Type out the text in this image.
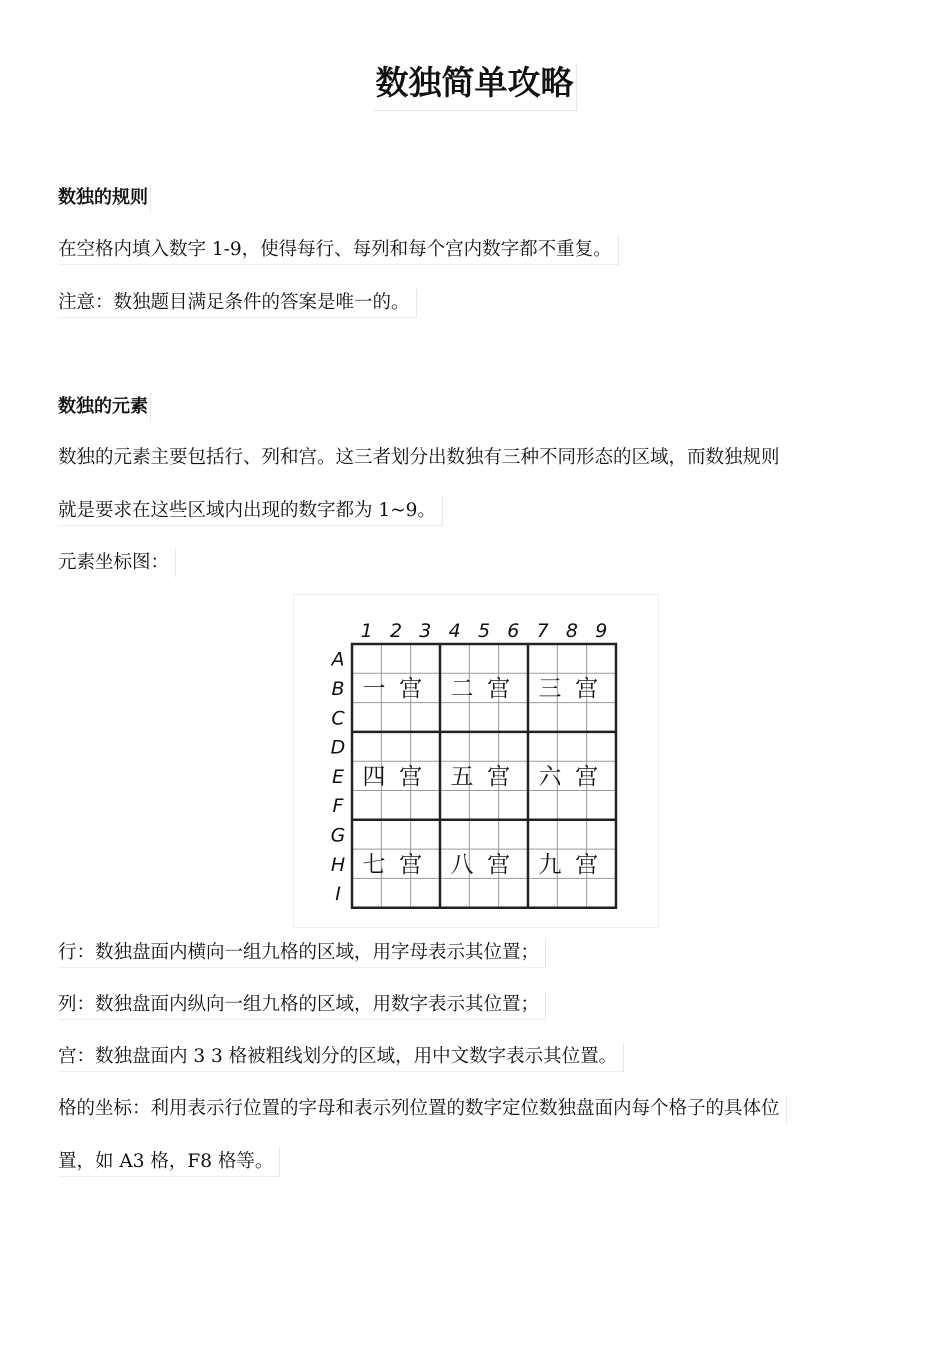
数独简单攻略
数独的规则
在空格内填入数字 1-9，使得每行、每列和每个宫内数字都不重复。
注意：数独题目满足条件的答案是唯一的。
数独的元素
数独的元素主要包括行、列和宫。这三者划分出数独有三种不同形态的区域，而数独规则
就是要求在这些区域内出现的数字都为 1~9。
元素坐标图：
1 2 3 4 5 6 7 8 9
A
B
C
D
E
F
G
H
I
一 宫 二 宫 三 宫
四 宫 五 宫 六 宫
七 宫 八 宫 九 宫
行：数独盘面内横向一组九格的区域，用字母表示其位置；
列：数独盘面内纵向一组九格的区域，用数字表示其位置；
宫：数独盘面内 3 3 格被粗线划分的区域，用中文数字表示其位置。
格的坐标：利用表示行位置的字母和表示列位置的数字定位数独盘面内每个格子的具体位
置，如 A3 格，F8 格等。
